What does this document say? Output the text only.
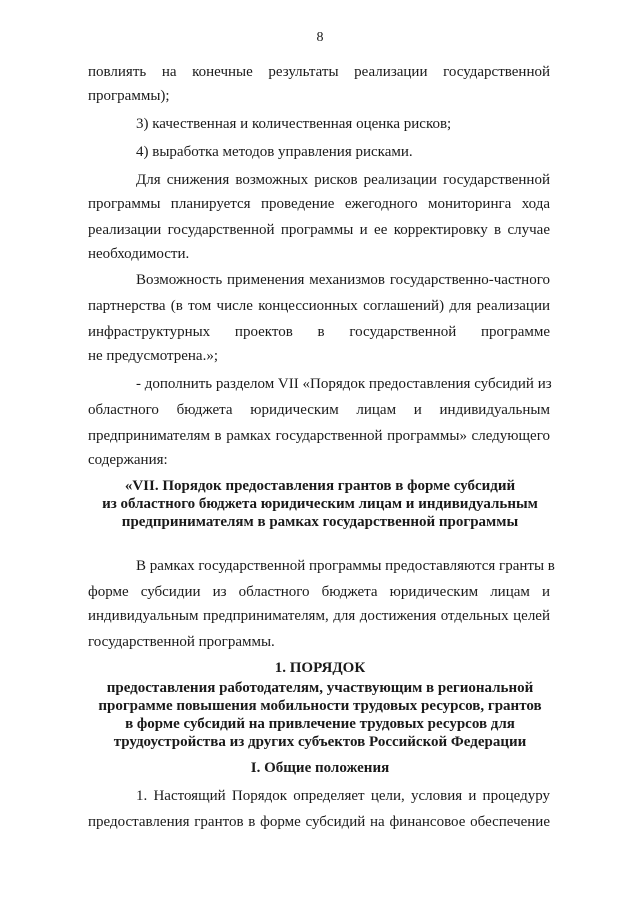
8
повлиять на конечные результаты реализации государственной
программы);
3) качественная и количественная оценка рисков;
4) выработка методов управления рисками.
Для снижения возможных рисков реализации государственной
программы планируется проведение ежегодного мониторинга хода
реализации государственной программы и ее корректировку в случае
необходимости.
Возможность применения механизмов государственно-частного
партнерства (в том числе концессионных соглашений) для реализации
инфраструктурных проектов в государственной программе
не предусмотрена.»;
- дополнить разделом VII «Порядок предоставления субсидий из
областного бюджета юридическим лицам и индивидуальным
предпринимателям в рамках государственной программы» следующего
содержания:
«VII. Порядок предоставления грантов в форме субсидий
из областного бюджета юридическим лицам и индивидуальным
предпринимателям в рамках государственной программы
В рамках государственной программы предоставляются гранты в
форме субсидии из областного бюджета юридическим лицам и
индивидуальным предпринимателям, для достижения отдельных целей
государственной программы.
1. ПОРЯДОК
предоставления работодателям, участвующим в региональной
программе повышения мобильности трудовых ресурсов, грантов
в форме субсидий на привлечение трудовых ресурсов для
трудоустройства из других субъектов Российской Федерации
I. Общие положения
1. Настоящий Порядок определяет цели, условия и процедуру
предоставления грантов в форме субсидий на финансовое обеспечение
